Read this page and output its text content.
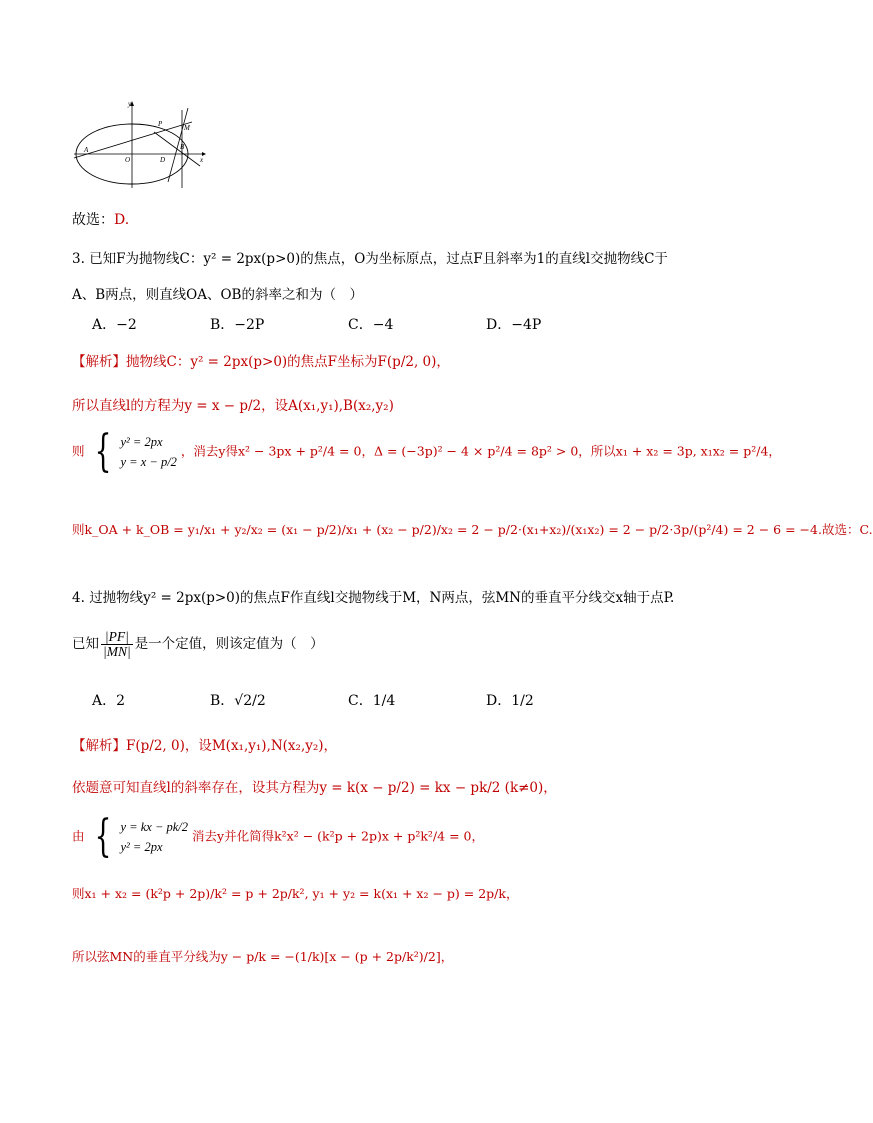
y
P	M
A
O	D
B
x
故选：D.
3. 已知F为抛物线C：y² = 2px(p>0)的焦点，O为坐标原点，过点F且斜率为1的直线l交抛物线C于
A、B两点，则直线OA、OB的斜率之和为（　）
A．−2	B．−2P	C．−4	D．−4P
【解析】抛物线C：y² = 2px(p>0)的焦点F坐标为F(p/2, 0)，
所以直线l的方程为y = x − p/2，设A(x₁,y₁),B(x₂,y₂)
则 { y² = 2px
y = x − p/2
，消去y得x² − 3px + p²/4 = 0，Δ = (−3p)² − 4 × p²/4 = 8p² > 0，所以x₁ + x₂ = 3p, x₁x₂ = p²/4，
则k_OA + k_OB = y₁/x₁ + y₂/x₂ = (x₁ − p/2)/x₁ + (x₂ − p/2)/x₂ = 2 − p/2·(x₁+x₂)/(x₁x₂) = 2 − p/2·3p/(p²/4) = 2 − 6 = −4.故选：C.
4. 过抛物线y² = 2px(p>0)的焦点F作直线l交抛物线于M，N两点，弦MN的垂直平分线交x轴于点P.
已知 $\frac{|PF|}{|MN|}$ 是一个定值，则该定值为（　）
A．2	B．√2/2	C．1/4	D．1/2
【解析】F(p/2, 0)，设M(x₁,y₁),N(x₂,y₂)，
依题意可知直线l的斜率存在，设其方程为y = k(x − p/2) = kx − pk/2 (k≠0)，
由 { y = kx − pk/2
y² = 2px
消去y并化简得k²x² − (k²p + 2p)x + p²k²/4 = 0，
则x₁ + x₂ = (k²p + 2p)/k² = p + 2p/k², y₁ + y₂ = k(x₁ + x₂ − p) = 2p/k，
所以弦MN的垂直平分线为y − p/k = −(1/k)[x − (p + 2p/k²)/2]，
